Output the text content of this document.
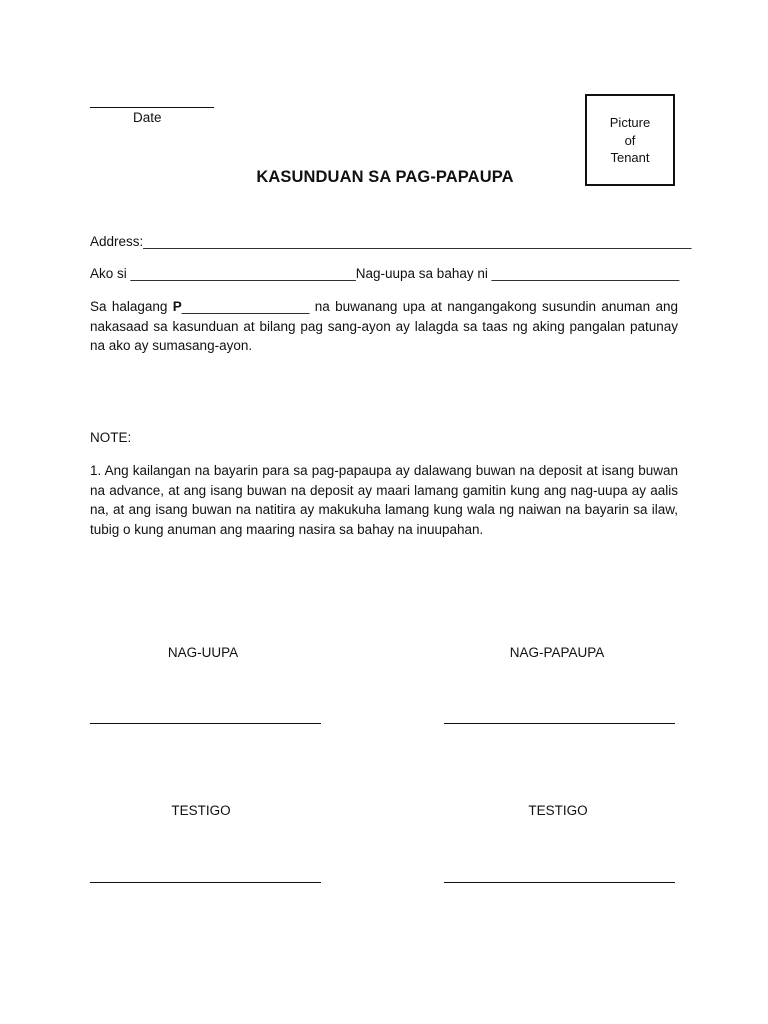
Date	Picture
of
Tenant
KASUNDUAN SA PAG-PAPAUPA
Address:_________________________________________________________________________
Ako si ______________________________Nag-uupa sa bahay ni _________________________
Sa halagang P_________________ na buwanang upa at nangangakong susundin anuman ang nakasaad sa kasunduan at bilang pag sang-ayon ay lalagda sa taas ng aking pangalan patunay na ako ay sumasang-ayon.
NOTE:
1. Ang kailangan na bayarin para sa pag-papaupa ay dalawang buwan na deposit at isang buwan na advance, at ang isang buwan na deposit ay maari lamang gamitin kung ang nag-uupa ay aalis na, at ang isang buwan na natitira ay makukuha lamang kung wala ng naiwan na bayarin sa ilaw, tubig o kung anuman ang maaring nasira sa bahay na inuupahan.
NAG-UUPA	NAG-PAPAUPA
TESTIGO	TESTIGO
